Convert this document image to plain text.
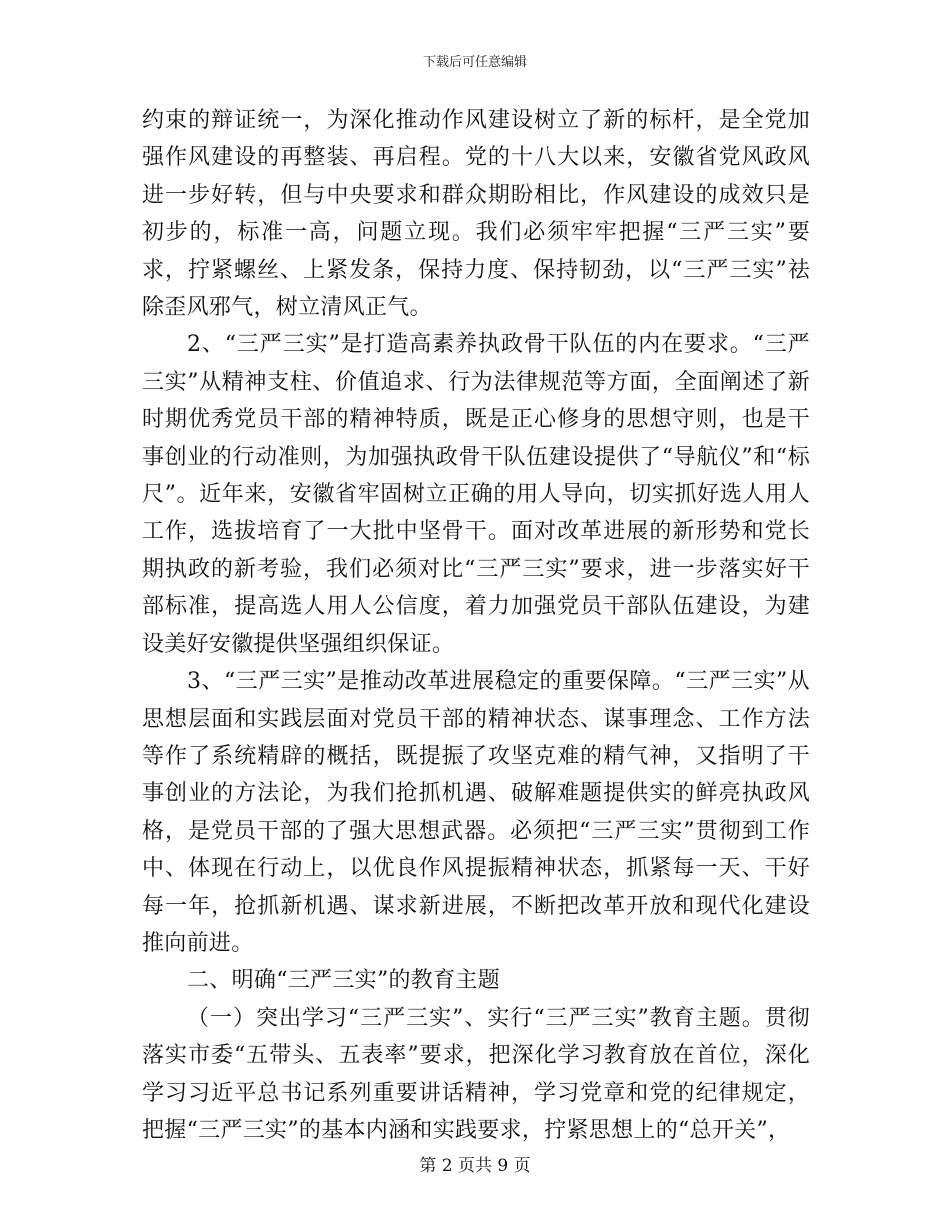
下载后可任意编辑

约束的辩证统一，为深化推动作风建设树立了新的标杆，是全党加强作风建设的再整装、再启程。党的十八大以来，安徽省党风政风进一步好转，但与中央要求和群众期盼相比，作风建设的成效只是初步的，标准一高，问题立现。我们必须牢牢把握“三严三实”要求，拧紧螺丝、上紧发条，保持力度、保持韧劲，以“三严三实”祛除歪风邪气，树立清风正气。

2、“三严三实”是打造高素养执政骨干队伍的内在要求。“三严三实”从精神支柱、价值追求、行为法律规范等方面，全面阐述了新时期优秀党员干部的精神特质，既是正心修身的思想守则，也是干事创业的行动准则，为加强执政骨干队伍建设提供了“导航仪”和“标尺”。近年来，安徽省牢固树立正确的用人导向，切实抓好选人用人工作，选拔培育了一大批中坚骨干。面对改革进展的新形势和党长期执政的新考验，我们必须对比“三严三实”要求，进一步落实好干部标准，提高选人用人公信度，着力加强党员干部队伍建设，为建设美好安徽提供坚强组织保证。

3、“三严三实”是推动改革进展稳定的重要保障。“三严三实”从思想层面和实践层面对党员干部的精神状态、谋事理念、工作方法等作了系统精辟的概括，既提振了攻坚克难的精气神，又指明了干事创业的方法论，为我们抢抓机遇、破解难题提供实的鲜亮执政风格，是党员干部的了强大思想武器。必须把“三严三实”贯彻到工作中、体现在行动上，以优良作风提振精神状态，抓紧每一天、干好每一年，抢抓新机遇、谋求新进展，不断把改革开放和现代化建设推向前进。

二、明确“三严三实”的教育主题

（一）突出学习“三严三实”、实行“三严三实”教育主题。贯彻落实市委“五带头、五表率”要求，把深化学习教育放在首位，深化学习习近平总书记系列重要讲话精神，学习党章和党的纪律规定，把握“三严三实”的基本内涵和实践要求，拧紧思想上的“总开关”，

第 2 页共 9 页
